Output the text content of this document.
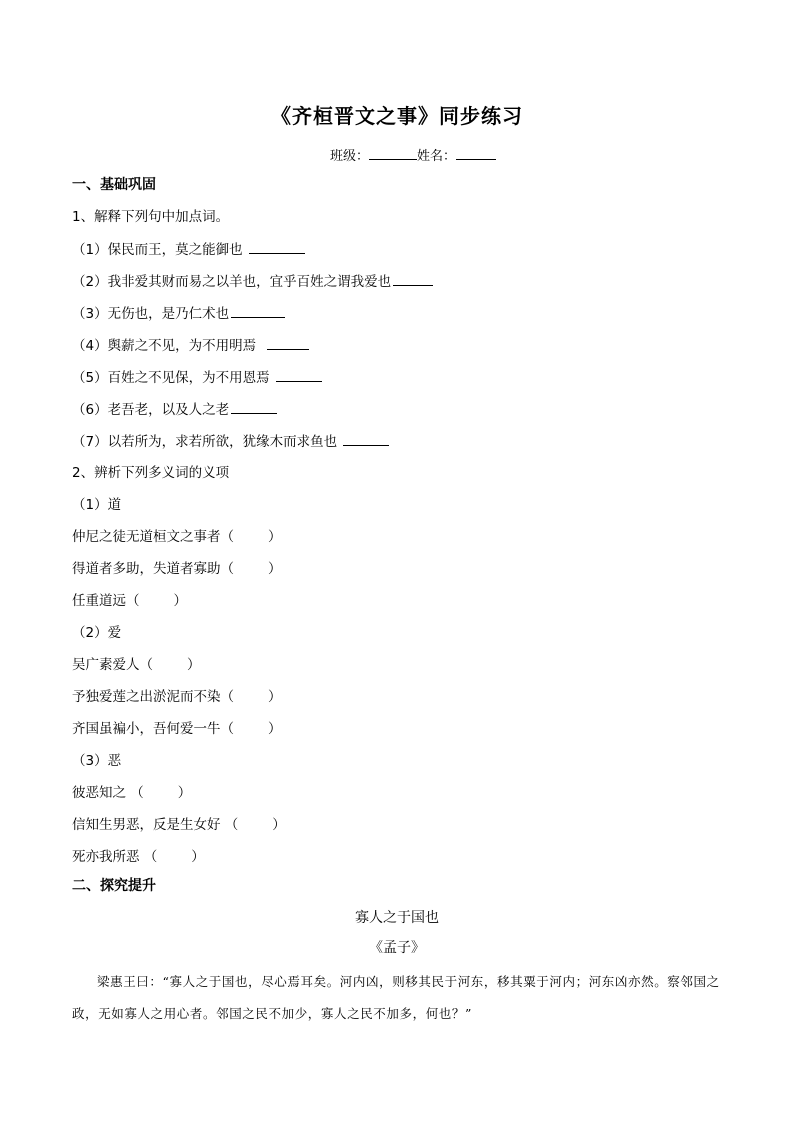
《齐桓晋文之事》同步练习
班级：	姓名：
一、基础巩固
1、解释下列句中加点词。
（1）保民而王，莫之能御也
（2）我非爱其财而易之以羊也，宜乎百姓之谓我爱也
（3）无伤也，是乃仁术也
（4）舆薪之不见，为不用明焉
（5）百姓之不见保，为不用恩焉
（6）老吾老，以及人之老
（7）以若所为，求若所欲，犹缘木而求鱼也
2、辨析下列多义词的义项
（1）道
仲尼之徒无道桓文之事者（	）
得道者多助，失道者寡助（	）
任重道远（	）
（2）爱
吴广素爱人（	）
予独爱莲之出淤泥而不染（	）
齐国虽褊小，吾何爱一牛（	）
（3）恶
彼恶知之 （	）
信知生男恶，反是生女好 （	）
死亦我所恶 （	）
二、探究提升
寡人之于国也
《孟子》

梁惠王曰：“寡人之于国也，尽心焉耳矣。河内凶，则移其民于河东，移其粟于河内；河东凶亦然。察邻国之政，无如寡人之用心者。邻国之民不加少，寡人之民不加多，何也？”
